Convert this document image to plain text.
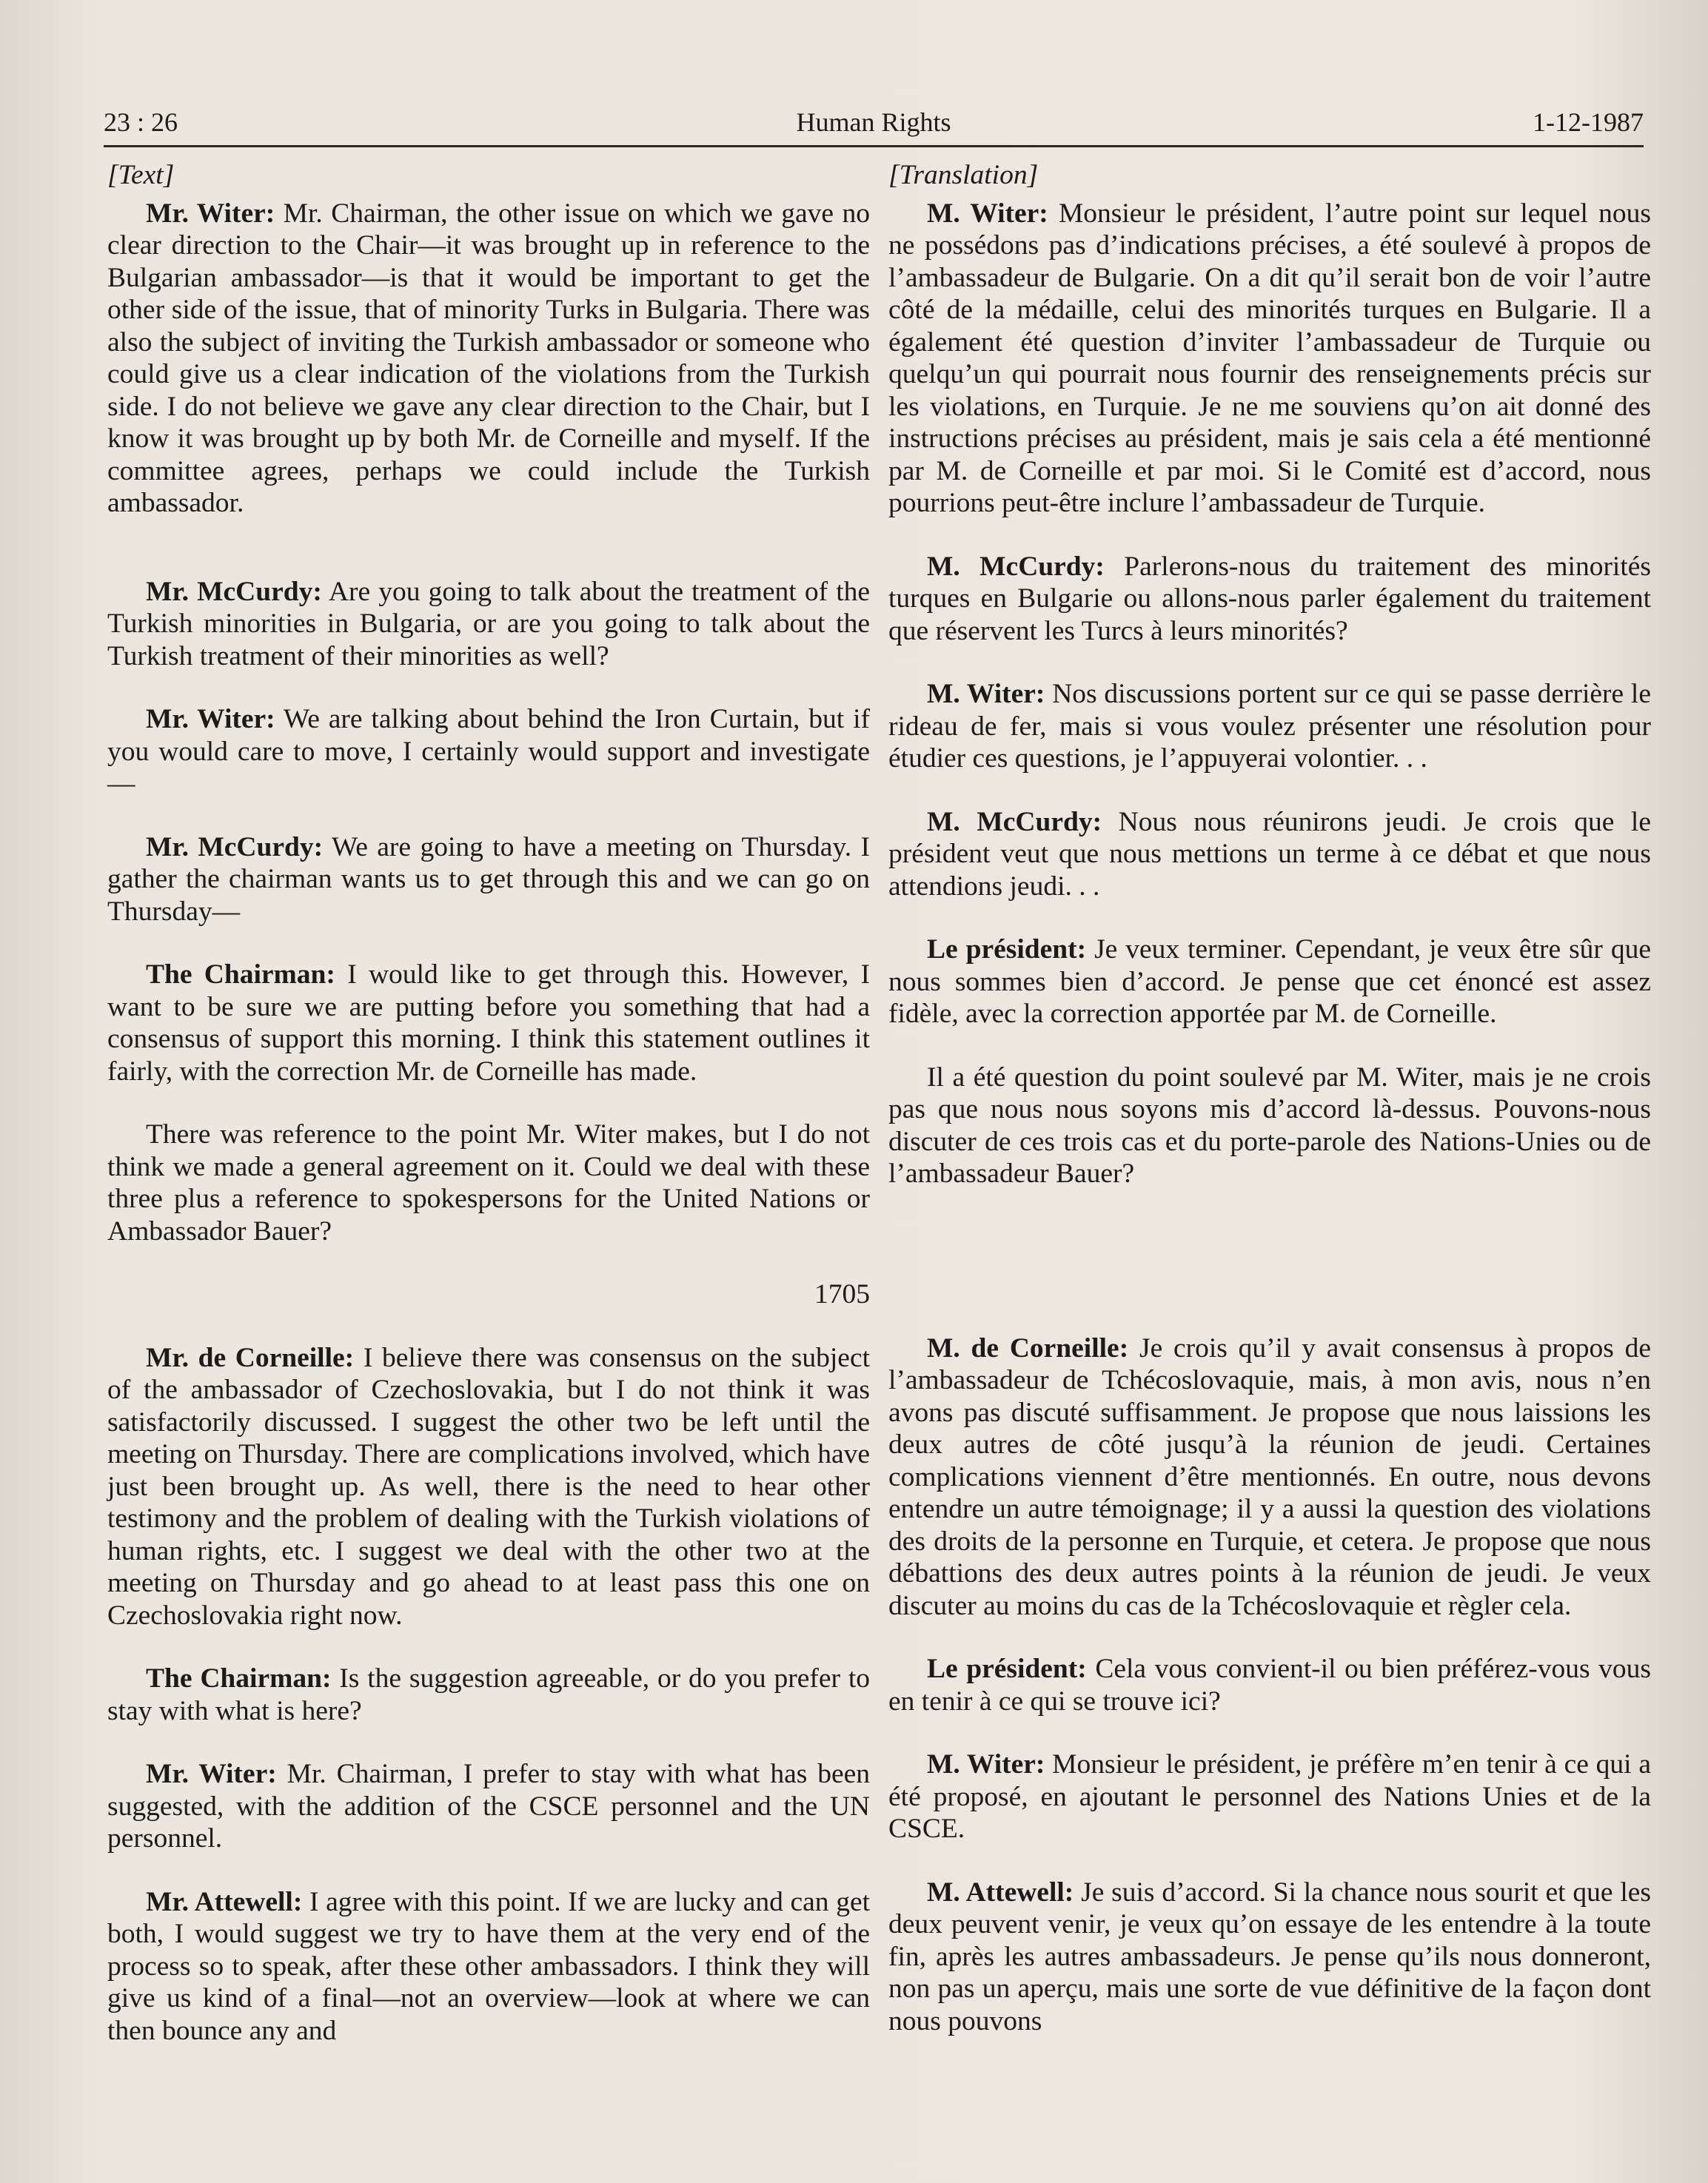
23 : 26	Human Rights	1-12-1987
[Text]

Mr. Witer: Mr. Chairman, the other issue on which we gave no clear direction to the Chair—it was brought up in reference to the Bulgarian ambassador—is that it would be important to get the other side of the issue, that of minority Turks in Bulgaria. There was also the subject of inviting the Turkish ambassador or someone who could give us a clear indication of the violations from the Turkish side. I do not believe we gave any clear direction to the Chair, but I know it was brought up by both Mr. de Corneille and myself. If the committee agrees, perhaps we could include the Turkish ambassador.

Mr. McCurdy: Are you going to talk about the treatment of the Turkish minorities in Bulgaria, or are you going to talk about the Turkish treatment of their minorities as well?

Mr. Witer: We are talking about behind the Iron Curtain, but if you would care to move, I certainly would support and investigate—

Mr. McCurdy: We are going to have a meeting on Thursday. I gather the chairman wants us to get through this and we can go on Thursday—

The Chairman: I would like to get through this. However, I want to be sure we are putting before you something that had a consensus of support this morning. I think this statement outlines it fairly, with the correction Mr. de Corneille has made.

There was reference to the point Mr. Witer makes, but I do not think we made a general agreement on it. Could we deal with these three plus a reference to spokespersons for the United Nations or Ambassador Bauer?

1705

Mr. de Corneille: I believe there was consensus on the subject of the ambassador of Czechoslovakia, but I do not think it was satisfactorily discussed. I suggest the other two be left until the meeting on Thursday. There are complications involved, which have just been brought up. As well, there is the need to hear other testimony and the problem of dealing with the Turkish violations of human rights, etc. I suggest we deal with the other two at the meeting on Thursday and go ahead to at least pass this one on Czechoslovakia right now.

The Chairman: Is the suggestion agreeable, or do you prefer to stay with what is here?

Mr. Witer: Mr. Chairman, I prefer to stay with what has been suggested, with the addition of the CSCE personnel and the UN personnel.

Mr. Attewell: I agree with this point. If we are lucky and can get both, I would suggest we try to have them at the very end of the process so to speak, after these other ambassadors. I think they will give us kind of a final—not an overview—look at where we can then bounce any and

[Translation]

M. Witer: Monsieur le président, l’autre point sur lequel nous ne possédons pas d’indications précises, a été soulevé à propos de l’ambassadeur de Bulgarie. On a dit qu’il serait bon de voir l’autre côté de la médaille, celui des minorités turques en Bulgarie. Il a également été question d’inviter l’ambassadeur de Turquie ou quelqu’un qui pourrait nous fournir des renseignements précis sur les violations, en Turquie. Je ne me souviens qu’on ait donné des instructions précises au président, mais je sais cela a été mentionné par M. de Corneille et par moi. Si le Comité est d’accord, nous pourrions peut-être inclure l’ambassadeur de Turquie.

M. McCurdy: Parlerons-nous du traitement des minorités turques en Bulgarie ou allons-nous parler également du traitement que réservent les Turcs à leurs minorités?

M. Witer: Nos discussions portent sur ce qui se passe derrière le rideau de fer, mais si vous voulez présenter une résolution pour étudier ces questions, je l’appuyerai volontier. . .

M. McCurdy: Nous nous réunirons jeudi. Je crois que le président veut que nous mettions un terme à ce débat et que nous attendions jeudi. . .

Le président: Je veux terminer. Cependant, je veux être sûr que nous sommes bien d’accord. Je pense que cet énoncé est assez fidèle, avec la correction apportée par M. de Corneille.

Il a été question du point soulevé par M. Witer, mais je ne crois pas que nous nous soyons mis d’accord là-dessus. Pouvons-nous discuter de ces trois cas et du porte-parole des Nations-Unies ou de l’ambassadeur Bauer?

M. de Corneille: Je crois qu’il y avait consensus à propos de l’ambassadeur de Tchécoslovaquie, mais, à mon avis, nous n’en avons pas discuté suffisamment. Je propose que nous laissions les deux autres de côté jusqu’à la réunion de jeudi. Certaines complications viennent d’être mentionnés. En outre, nous devons entendre un autre témoignage; il y a aussi la question des violations des droits de la personne en Turquie, et cetera. Je propose que nous débattions des deux autres points à la réunion de jeudi. Je veux discuter au moins du cas de la Tchécoslovaquie et règler cela.

Le président: Cela vous convient-il ou bien préférez-vous vous en tenir à ce qui se trouve ici?

M. Witer: Monsieur le président, je préfère m’en tenir à ce qui a été proposé, en ajoutant le personnel des Nations Unies et de la CSCE.

M. Attewell: Je suis d’accord. Si la chance nous sourit et que les deux peuvent venir, je veux qu’on essaye de les entendre à la toute fin, après les autres ambassadeurs. Je pense qu’ils nous donneront, non pas un aperçu, mais une sorte de vue définitive de la façon dont nous pouvons
